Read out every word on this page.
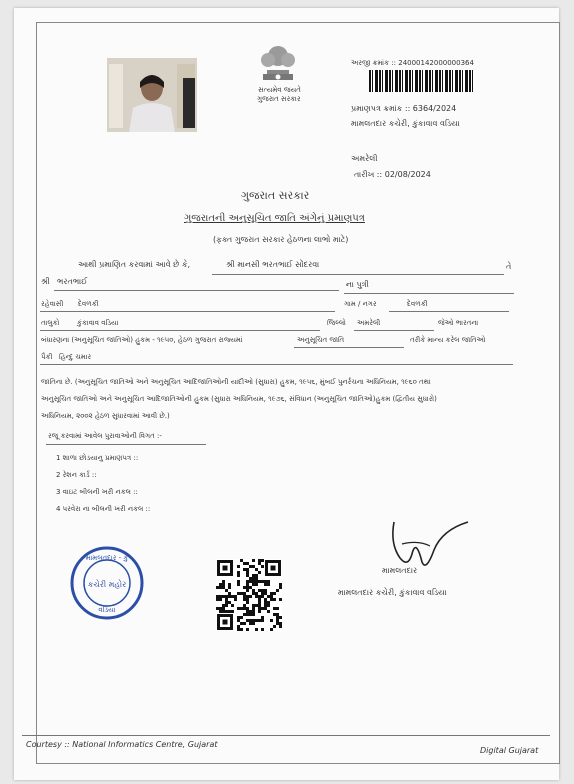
સત્યમેવ જયતે
ગુજરાત સરકાર
અરજી ક્રમાંક :: 24000142000000364
પ્રમાણપત્ર ક્રમાંક :: 6364/2024
મામલતદાર કચેરી, કુંકાવાવ વડિયા
અમરેલી
તારીખ :: 02/08/2024
ગુજરાત સરકાર
ગુજરાતની અનુસૂચિત જાતિ અંગેનું પ્રમાણપત્ર
(ફક્ત ગુજરાત સરકાર હેઠળના લાભો માટે)
આથી પ્રમાણિત કરવામાં આવે છે કે,	શ્રી માનસી ભરતભાઈ સોંદરવા	તે
શ્રી ભરતભાઈ	ના પુત્રી
રહેવાસી દેવળકી	ગામ / નગર	દેવળકી
તાલુકો	કુંકાવાવ વડિયા	જિલ્લો અમરેલી	જેઓ ભારતના
બંધારણના (અનુસૂચિત જાતિઓ) હુકમ - ૧૯૫૦, હેઠળ ગુજરાત રાજ્યમાં	અનુસૂચિત જાતિ	તરીકે માન્ય કરેલ જાતિઓ
પૈકી હિન્દુ ચમાર
જાતિના છે. (અનુસૂચિત જાતિઓ અને અનુસૂચિત આદિજાતિઓની યાદીઓ (સુધારા) હુકમ, ૧૯૫૬, મુંબઈ પુનર્રચના અધિનિયમ, ૧૯૬૦ તથા
અનુસૂચિત જાતિઓ અને અનુસૂચિત આદિજાતિઓની હુકમ (સુધારા અધિનિયમ, ૧૯૭૬, સંવિધાન (અનુસૂચિત જાતિઓ)હુકમ (દ્વિતીય સુધારો)
અધિનિયમ, ૨૦૦૨ હેઠળ સુધારવામાં આવી છે.)
રજૂ કરવામાં આવેલ પુરાવાઓની વિગત :-
1 શાળા છોડયાનુ પ્રમાણપત્ર ::
2 રેશન કાર્ડ ::
3 વાઇટ બીલની ખરી નકલ ::
4 પરવેરા ના બીલની ખરી નકલ ::
મામલતદાર - કુ
કચેરી મહોર
વડિયા
મામલતદાર
મામલતદાર કચેરી, કુંકાવાવ વડિયા
Courtesy :: National Informatics Centre, Gujarat
Digital Gujarat
